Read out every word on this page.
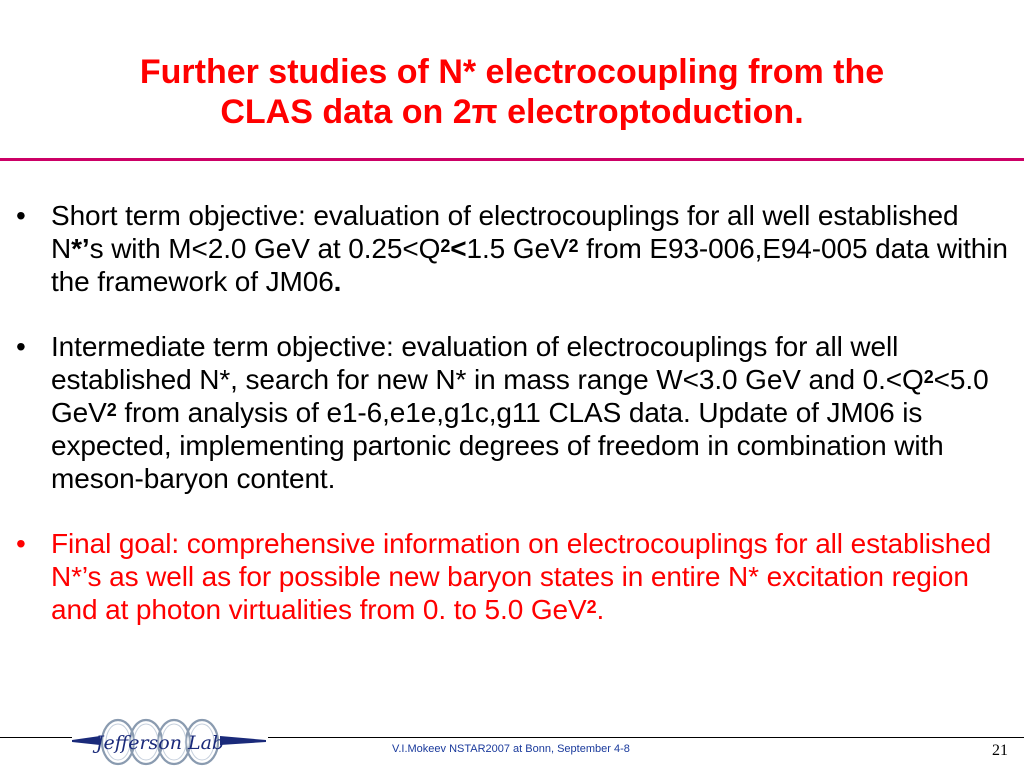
Further studies of N* electrocoupling from the
CLAS data on 2π electroptoduction.
• Short term objective: evaluation of electrocouplings for all well established N*’s with M<2.0 GeV at $0.25<Q^2<1.5$ GeV$^2$ from E93-006,E94-005 data within the framework of JM06.
• Intermediate term objective: evaluation of electrocouplings for all well established N*, search for new N* in mass range W<3.0 GeV and $0.<Q^2<5.0$ GeV$^2$ from analysis of e1-6,e1e,g1c,g11 CLAS data. Update of JM06 is expected, implementing partonic degrees of freedom in combination with meson-baryon content.
• Final goal: comprehensive information on electrocouplings for all established N*’s as well as for possible new baryon states in entire N* excitation region and at photon virtualities from 0. to 5.0 GeV$^2$.
Jefferson Lab	V.I.Mokeev NSTAR2007 at Bonn, September 4-8	21
